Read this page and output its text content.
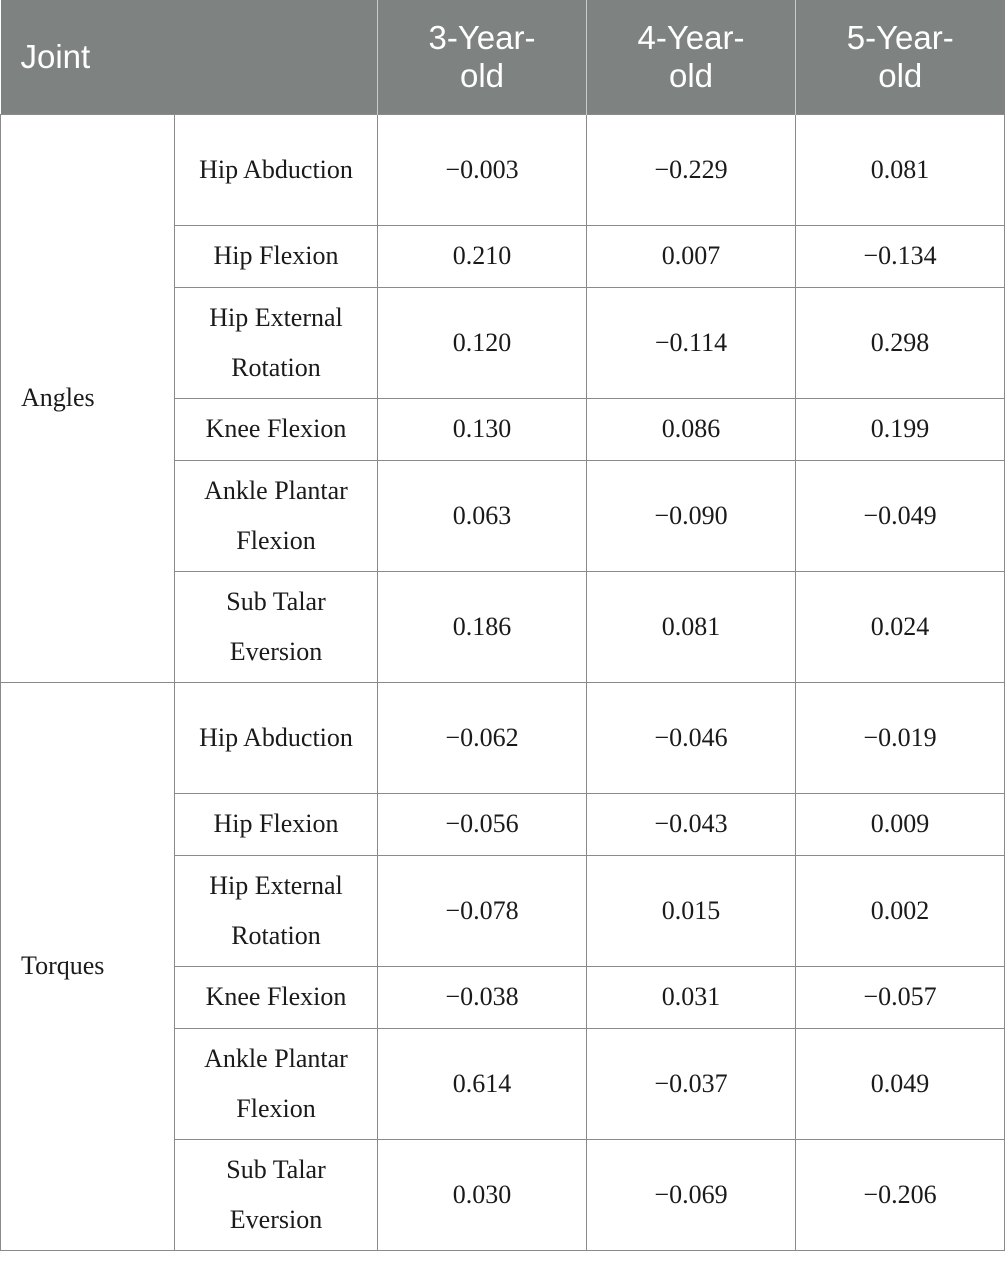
Joint		3-Year-old	4-Year-old	5-Year-old
Angles	Hip Abduction	−0.003	−0.229	0.081
	Hip Flexion	0.210	0.007	−0.134
	Hip External Rotation	0.120	−0.114	0.298
	Knee Flexion	0.130	0.086	0.199
	Ankle Plantar Flexion	0.063	−0.090	−0.049
	Sub Talar Eversion	0.186	0.081	0.024
Torques	Hip Abduction	−0.062	−0.046	−0.019
	Hip Flexion	−0.056	−0.043	0.009
	Hip External Rotation	−0.078	0.015	0.002
	Knee Flexion	−0.038	0.031	−0.057
	Ankle Plantar Flexion	0.614	−0.037	0.049
	Sub Talar Eversion	0.030	−0.069	−0.206
